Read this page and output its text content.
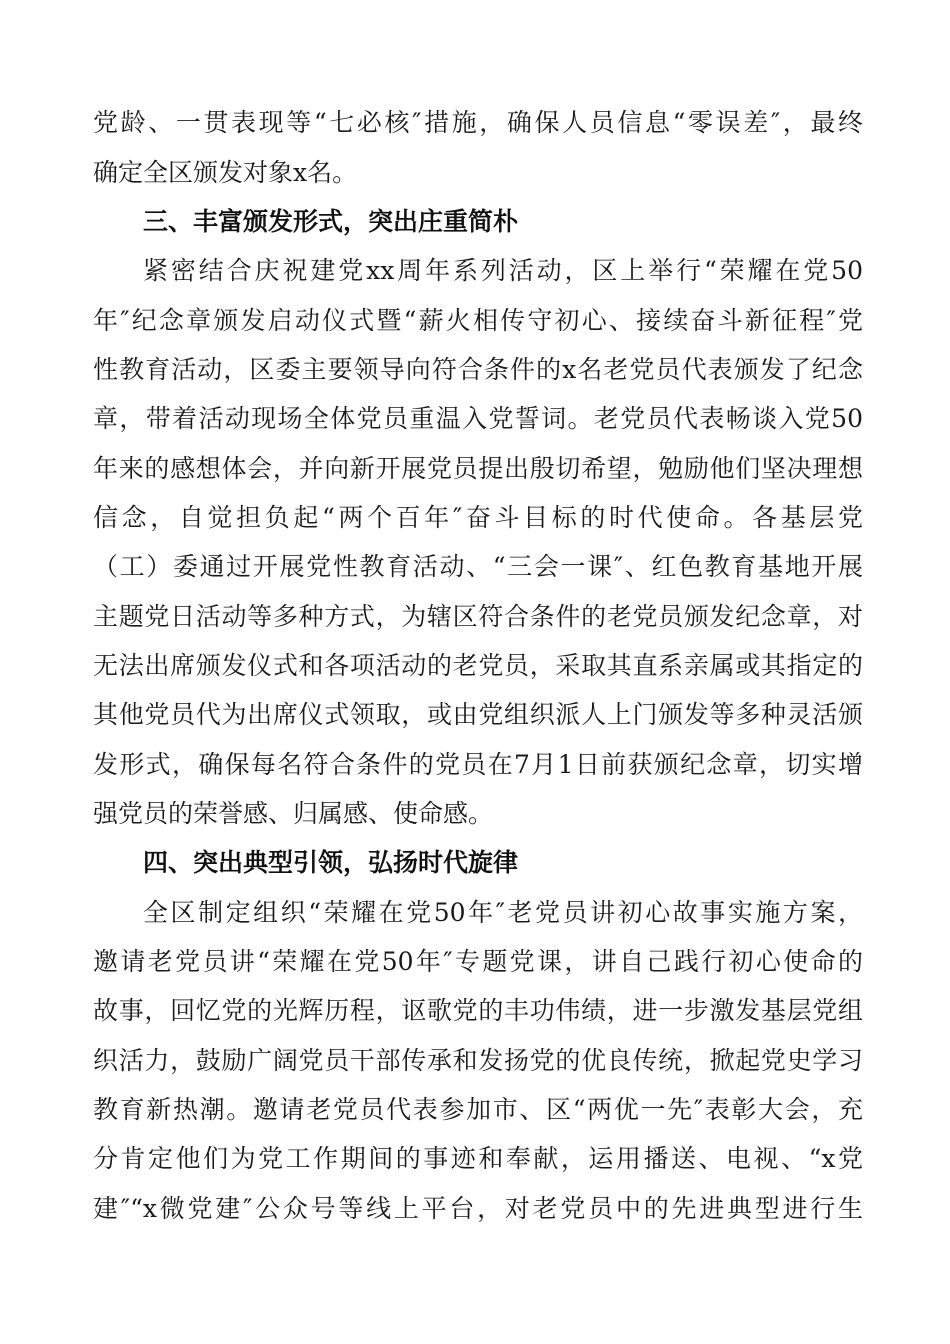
党龄、一贯表现等“七必核″措施，确保人员信息“零误差″，最终
确定全区颁发对象x名。
三、丰富颁发形式，突出庄重简朴
紧密结合庆祝建党xx周年系列活动，区上举行“荣耀在党50
年″纪念章颁发启动仪式暨“薪火相传守初心、接续奋斗新征程″党
性教育活动，区委主要领导向符合条件的x名老党员代表颁发了纪念
章，带着活动现场全体党员重温入党誓词。老党员代表畅谈入党50
年来的感想体会，并向新开展党员提出殷切希望，勉励他们坚决理想
信念，自觉担负起“两个百年″奋斗目标的时代使命。各基层党
（工）委通过开展党性教育活动、“三会一课″、红色教育基地开展
主题党日活动等多种方式，为辖区符合条件的老党员颁发纪念章，对
无法出席颁发仪式和各项活动的老党员，采取其直系亲属或其指定的
其他党员代为出席仪式领取，或由党组织派人上门颁发等多种灵活颁
发形式，确保每名符合条件的党员在7月1日前获颁纪念章，切实增
强党员的荣誉感、归属感、使命感。
四、突出典型引领，弘扬时代旋律
全区制定组织“荣耀在党50年″老党员讲初心故事实施方案，
邀请老党员讲“荣耀在党50年″专题党课，讲自己践行初心使命的
故事，回忆党的光辉历程，讴歌党的丰功伟绩，进一步激发基层党组
织活力，鼓励广阔党员干部传承和发扬党的优良传统，掀起党史学习
教育新热潮。邀请老党员代表参加市、区“两优一先″表彰大会，充
分肯定他们为党工作期间的事迹和奉献，运用播送、电视、“x党
建″“x微党建″公众号等线上平台，对老党员中的先进典型进行生
